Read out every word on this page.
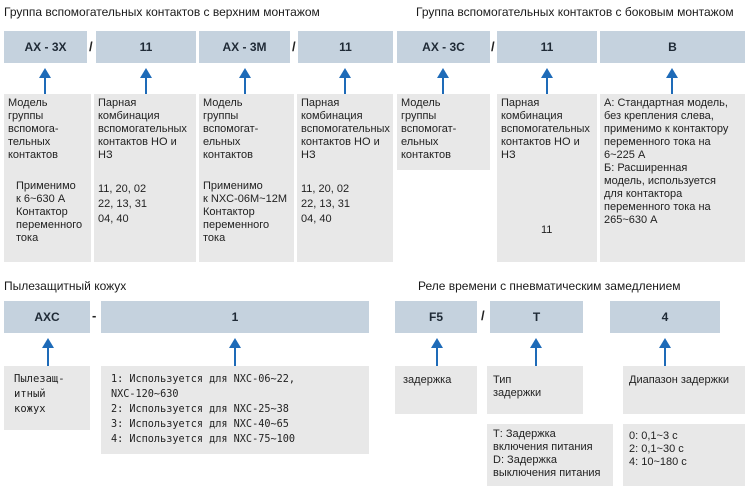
Группа вспомогательных контактов с верхним монтажом	Группа вспомогательных контактов с боковым монтажом
AX - 3X	/	11	AX - 3M	/	11	AX - 3C	/	11	B
Модель
группы
вспомога-
тельных
контактов
Применимо
к 6~630 А
Контактор
переменного
тока
Парная
комбинация
вспомогательных
контактов НО и
НЗ
11, 20, 02
22, 13, 31
04, 40
Модель
группы
вспомогат-
ельных
контактов
Применимо
к NXC-06M~12M
Контактор
переменного
тока
Парная
комбинация
вспомогательных
контактов НО и
НЗ
11, 20, 02
22, 13, 31
04, 40
Модель
группы
вспомогат-
ельных
контактов
Парная
комбинация
вспомогательных
контактов НО и
НЗ
11
А: Стандартная модель,
без крепления слева,
применимо к контактору
переменного тока на
6~225 А
Б: Расширенная
модель, используется
для контактора
переменного тока на
265~630 А
Пылезащитный кожух	Реле времени с пневматическим замедлением
AXC	-	1	F5	/	T	4
Пылезащ-
итный
кожух
1: Используется для NXC-06~22,
NXC-120~630
2: Используется для NXC-25~38
3: Используется для NXC-40~65
4: Используется для NXC-75~100
задержка	Тип
задержки
Т: Задержка
включения питания
D: Задержка
выключения питания
Диапазон задержки
0: 0,1~3 с
2: 0,1~30 с
4: 10~180 с
